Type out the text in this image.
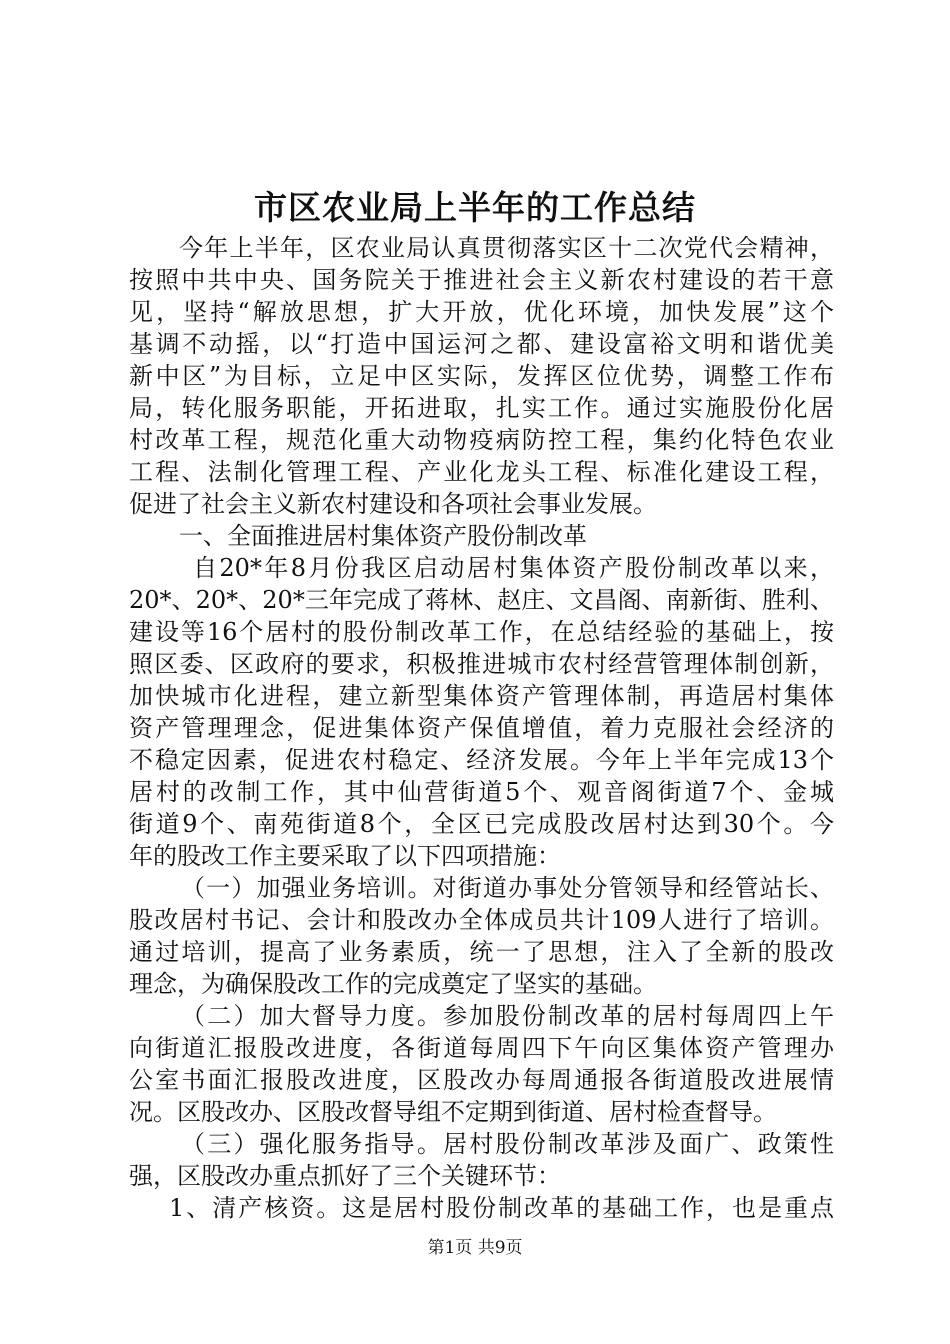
市区农业局上半年的工作总结
今年上半年，区农业局认真贯彻落实区十二次党代会精神，
按照中共中央、国务院关于推进社会主义新农村建设的若干意
见，坚持“解放思想，扩大开放，优化环境，加快发展”这个
基调不动摇，以“打造中国运河之都、建设富裕文明和谐优美
新中区”为目标，立足中区实际，发挥区位优势，调整工作布
局，转化服务职能，开拓进取，扎实工作。通过实施股份化居
村改革工程，规范化重大动物疫病防控工程，集约化特色农业
工程、法制化管理工程、产业化龙头工程、标准化建设工程，
促进了社会主义新农村建设和各项社会事业发展。
一、全面推进居村集体资产股份制改革
自20*年8月份我区启动居村集体资产股份制改革以来，
20*、20*、20*三年完成了蒋林、赵庄、文昌阁、南新街、胜利、
建设等16个居村的股份制改革工作，在总结经验的基础上，按
照区委、区政府的要求，积极推进城市农村经营管理体制创新，
加快城市化进程，建立新型集体资产管理体制，再造居村集体
资产管理理念，促进集体资产保值增值，着力克服社会经济的
不稳定因素，促进农村稳定、经济发展。今年上半年完成13个
居村的改制工作，其中仙营街道5个、观音阁街道7个、金城
街道9个、南苑街道8个，全区已完成股改居村达到30个。今
年的股改工作主要采取了以下四项措施：
（一）加强业务培训。对街道办事处分管领导和经管站长、
股改居村书记、会计和股改办全体成员共计109人进行了培训。
通过培训，提高了业务素质，统一了思想，注入了全新的股改
理念，为确保股改工作的完成奠定了坚实的基础。
（二）加大督导力度。参加股份制改革的居村每周四上午
向街道汇报股改进度，各街道每周四下午向区集体资产管理办
公室书面汇报股改进度，区股改办每周通报各街道股改进展情
况。区股改办、区股改督导组不定期到街道、居村检查督导。
（三）强化服务指导。居村股份制改革涉及面广、政策性
强，区股改办重点抓好了三个关键环节：
1、清产核资。这是居村股份制改革的基础工作，也是重点
第1页 共9页
